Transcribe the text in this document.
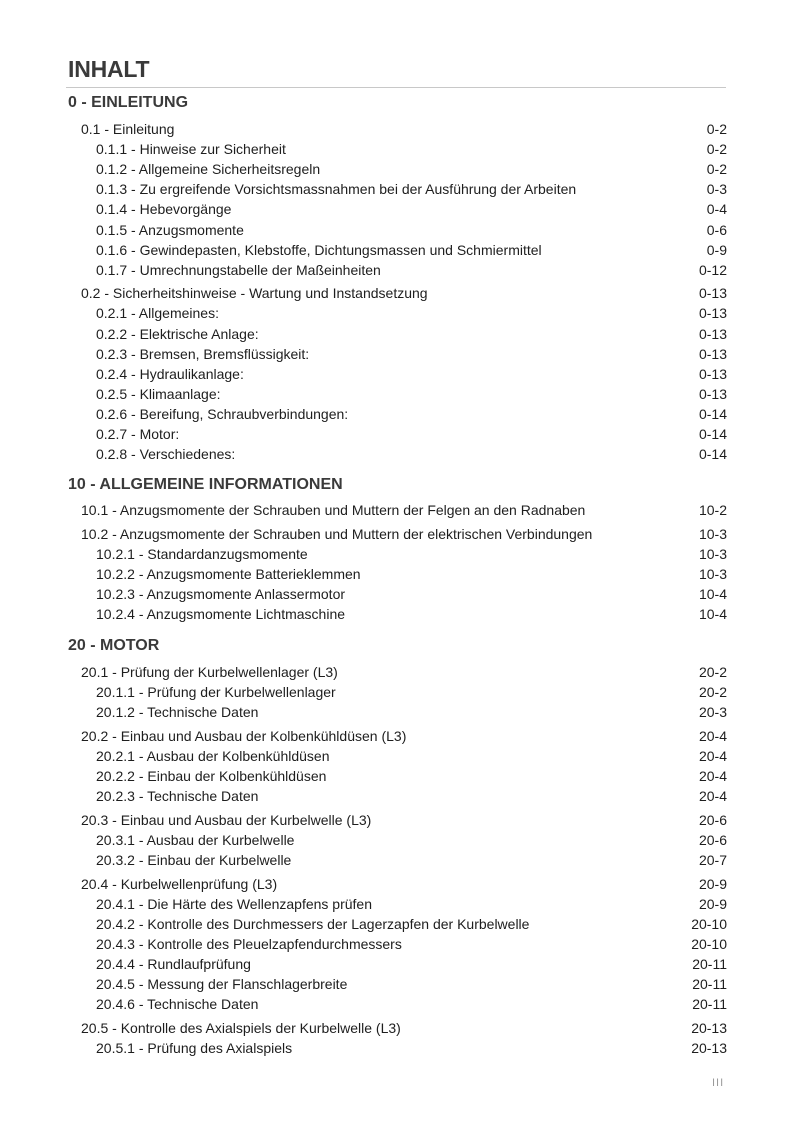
INHALT
0 - EINLEITUNG
0.1 - Einleitung	0-2
0.1.1 - Hinweise zur Sicherheit	0-2
0.1.2 - Allgemeine Sicherheitsregeln	0-2
0.1.3 - Zu ergreifende Vorsichtsmassnahmen bei der Ausführung der Arbeiten	0-3
0.1.4 - Hebevorgänge	0-4
0.1.5 - Anzugsmomente	0-6
0.1.6 - Gewindepasten, Klebstoffe, Dichtungsmassen und Schmiermittel	0-9
0.1.7 - Umrechnungstabelle der Maßeinheiten	0-12
0.2 - Sicherheitshinweise - Wartung und Instandsetzung	0-13
0.2.1 - Allgemeines:	0-13
0.2.2 - Elektrische Anlage:	0-13
0.2.3 - Bremsen, Bremsflüssigkeit:	0-13
0.2.4 - Hydraulikanlage:	0-13
0.2.5 - Klimaanlage:	0-13
0.2.6 - Bereifung, Schraubverbindungen:	0-14
0.2.7 - Motor:	0-14
0.2.8 - Verschiedenes:	0-14
10 - ALLGEMEINE INFORMATIONEN
10.1 - Anzugsmomente der Schrauben und Muttern der Felgen an den Radnaben	10-2
10.2 - Anzugsmomente der Schrauben und Muttern der elektrischen Verbindungen	10-3
10.2.1 - Standardanzugsmomente	10-3
10.2.2 - Anzugsmomente Batterieklemmen	10-3
10.2.3 - Anzugsmomente Anlassermotor	10-4
10.2.4 - Anzugsmomente Lichtmaschine	10-4
20 - MOTOR
20.1 - Prüfung der Kurbelwellenlager (L3)	20-2
20.1.1 - Prüfung der Kurbelwellenlager	20-2
20.1.2 - Technische Daten	20-3
20.2 - Einbau und Ausbau der Kolbenkühldüsen (L3)	20-4
20.2.1 - Ausbau der Kolbenkühldüsen	20-4
20.2.2 - Einbau der Kolbenkühldüsen	20-4
20.2.3 - Technische Daten	20-4
20.3 - Einbau und Ausbau der Kurbelwelle (L3)	20-6
20.3.1 - Ausbau der Kurbelwelle	20-6
20.3.2 - Einbau der Kurbelwelle	20-7
20.4 - Kurbelwellenprüfung (L3)	20-9
20.4.1 - Die Härte des Wellenzapfens prüfen	20-9
20.4.2 - Kontrolle des Durchmessers der Lagerzapfen der Kurbelwelle	20-10
20.4.3 - Kontrolle des Pleuelzapfendurchmessers	20-10
20.4.4 - Rundlaufprüfung	20-11
20.4.5 - Messung der Flanschlagerbreite	20-11
20.4.6 - Technische Daten	20-11
20.5 - Kontrolle des Axialspiels der Kurbelwelle (L3)	20-13
20.5.1 - Prüfung des Axialspiels	20-13
III
